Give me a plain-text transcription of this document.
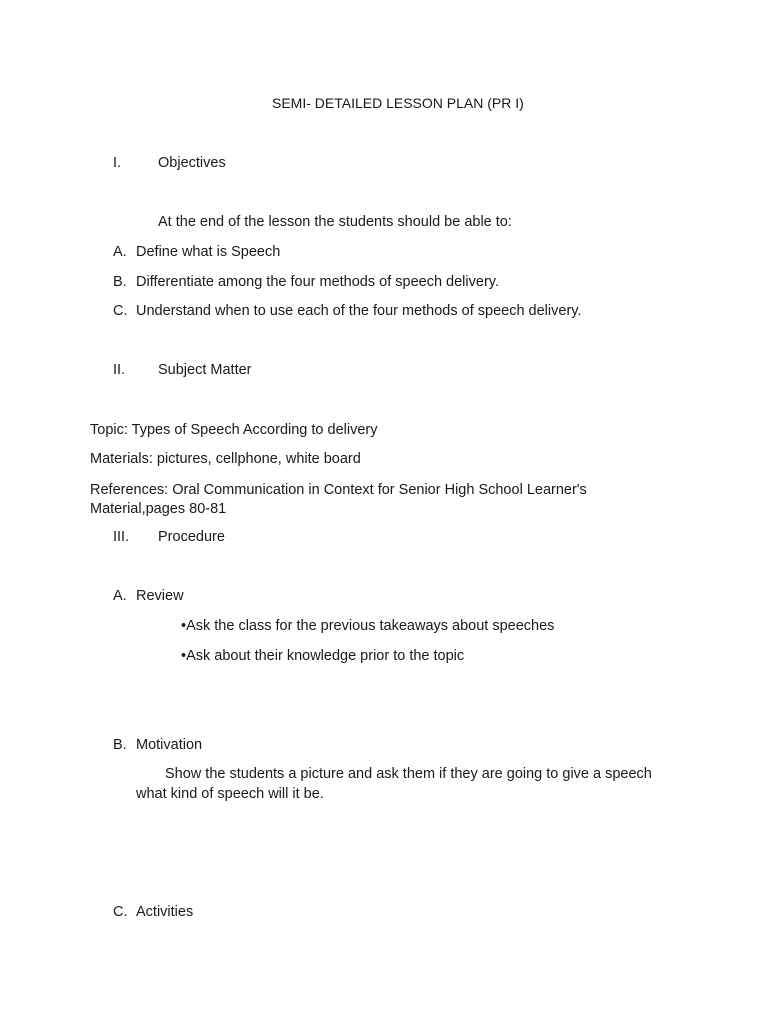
SEMI- DETAILED LESSON PLAN (PR I)
I.	Objectives
At the end of the lesson the students should be able to:
A. Define what is Speech
B. Differentiate among the four methods of speech delivery.
C. Understand when to use each of the four methods of speech delivery.
II. Subject Matter
Topic: Types of Speech According to delivery
Materials: pictures, cellphone, white board
References: Oral Communication in Context for Senior High School Learner's
Material,pages 80-81
III. Procedure
A. Review
•Ask the class for the previous takeaways about speeches
•Ask about their knowledge prior to the topic
B. Motivation
Show the students a picture and ask them if they are going to give a speech
what kind of speech will it be.
C. Activities
